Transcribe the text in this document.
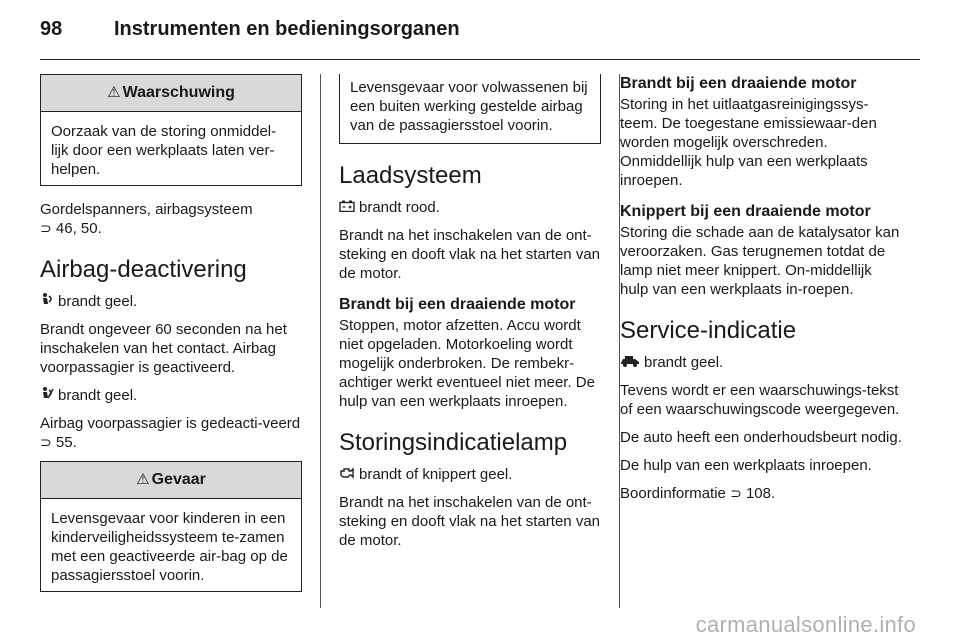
98	Instrumenten en bedieningsorganen
⚠ Waarschuwing
Oorzaak van de storing onmiddel-lijk door een werkplaats laten ver-helpen.

Gordelspanners, airbagsysteem
⊃ 46, 50.

Airbag-deactivering

brandt geel.

Brandt ongeveer 60 seconden na het inschakelen van het contact. Airbag voorpassagier is geactiveerd.

brandt geel.

Airbag voorpassagier is gedeacti-veerd ⊃ 55.

⚠ Gevaar
Levensgevaar voor kinderen in een kinderveiligheidssysteem te-zamen met een geactiveerde air-bag op de passagiersstoel voorin.
Levensgevaar voor volwassenen bij een buiten werking gestelde airbag van de passagiersstoel voorin.
Laadsysteem

brandt rood.

Brandt na het inschakelen van de ont-steking en dooft vlak na het starten van de motor.

Brandt bij een draaiende motor

Stoppen, motor afzetten. Accu wordt niet opgeladen. Motorkoeling wordt mogelijk onderbroken. De rembekr-achtiger werkt eventueel niet meer. De hulp van een werkplaats inroepen.

Storingsindicatielamp

brandt of knippert geel.

Brandt na het inschakelen van de ont-steking en dooft vlak na het starten van de motor.

Brandt bij een draaiende motor

Storing in het uitlaatgasreinigingssys-teem. De toegestane emissiewaar-den worden mogelijk overschreden. Onmiddellijk hulp van een werkplaats inroepen.

Knippert bij een draaiende motor

Storing die schade aan de katalysator kan veroorzaken. Gas terugnemen totdat de lamp niet meer knippert. On-middellijk hulp van een werkplaats in-roepen.

Service-indicatie

brandt geel.

Tevens wordt er een waarschuwings-tekst of een waarschuwingscode weergegeven.

De auto heeft een onderhoudsbeurt nodig.

De hulp van een werkplaats inroepen.

Boordinformatie ⊃ 108.

carmanualsonline.info
